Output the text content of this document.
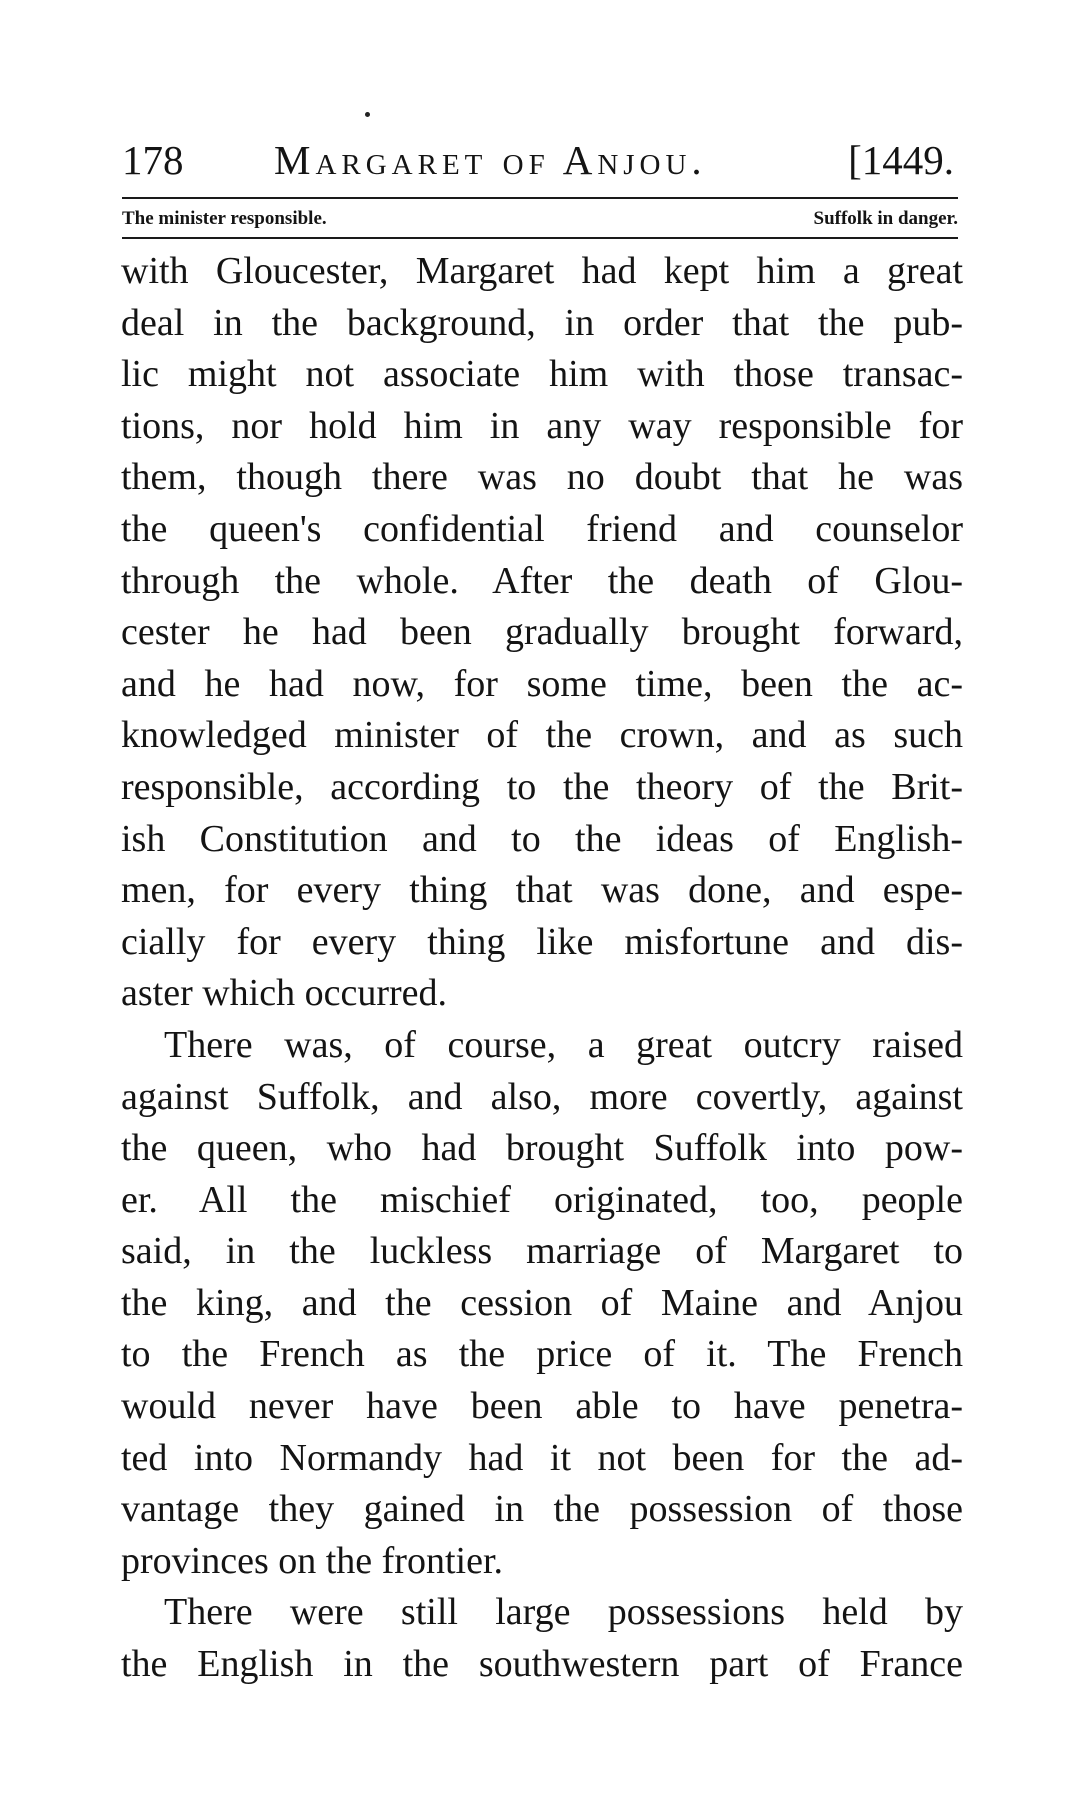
178 Margaret of Anjou.	[1449.
The minister responsible.	Suffolk in danger.
with Gloucester, Margaret had kept him a great
deal in the background, in order that the pub-
lic might not associate him with those transac-
tions, nor hold him in any way responsible for
them, though there was no doubt that he was
the queen's confidential friend and counselor
through the whole. After the death of Glou-
cester he had been gradually brought forward,
and he had now, for some time, been the ac-
knowledged minister of the crown, and as such
responsible, according to the theory of the Brit-
ish Constitution and to the ideas of English-
men, for every thing that was done, and espe-
cially for every thing like misfortune and dis-
aster which occurred.
There was, of course, a great outcry raised
against Suffolk, and also, more covertly, against
the queen, who had brought Suffolk into pow-
er. All the mischief originated, too, people
said, in the luckless marriage of Margaret to
the king, and the cession of Maine and Anjou
to the French as the price of it. The French
would never have been able to have penetra-
ted into Normandy had it not been for the ad-
vantage they gained in the possession of those
provinces on the frontier.
There were still large possessions held by
the English in the southwestern part of France
